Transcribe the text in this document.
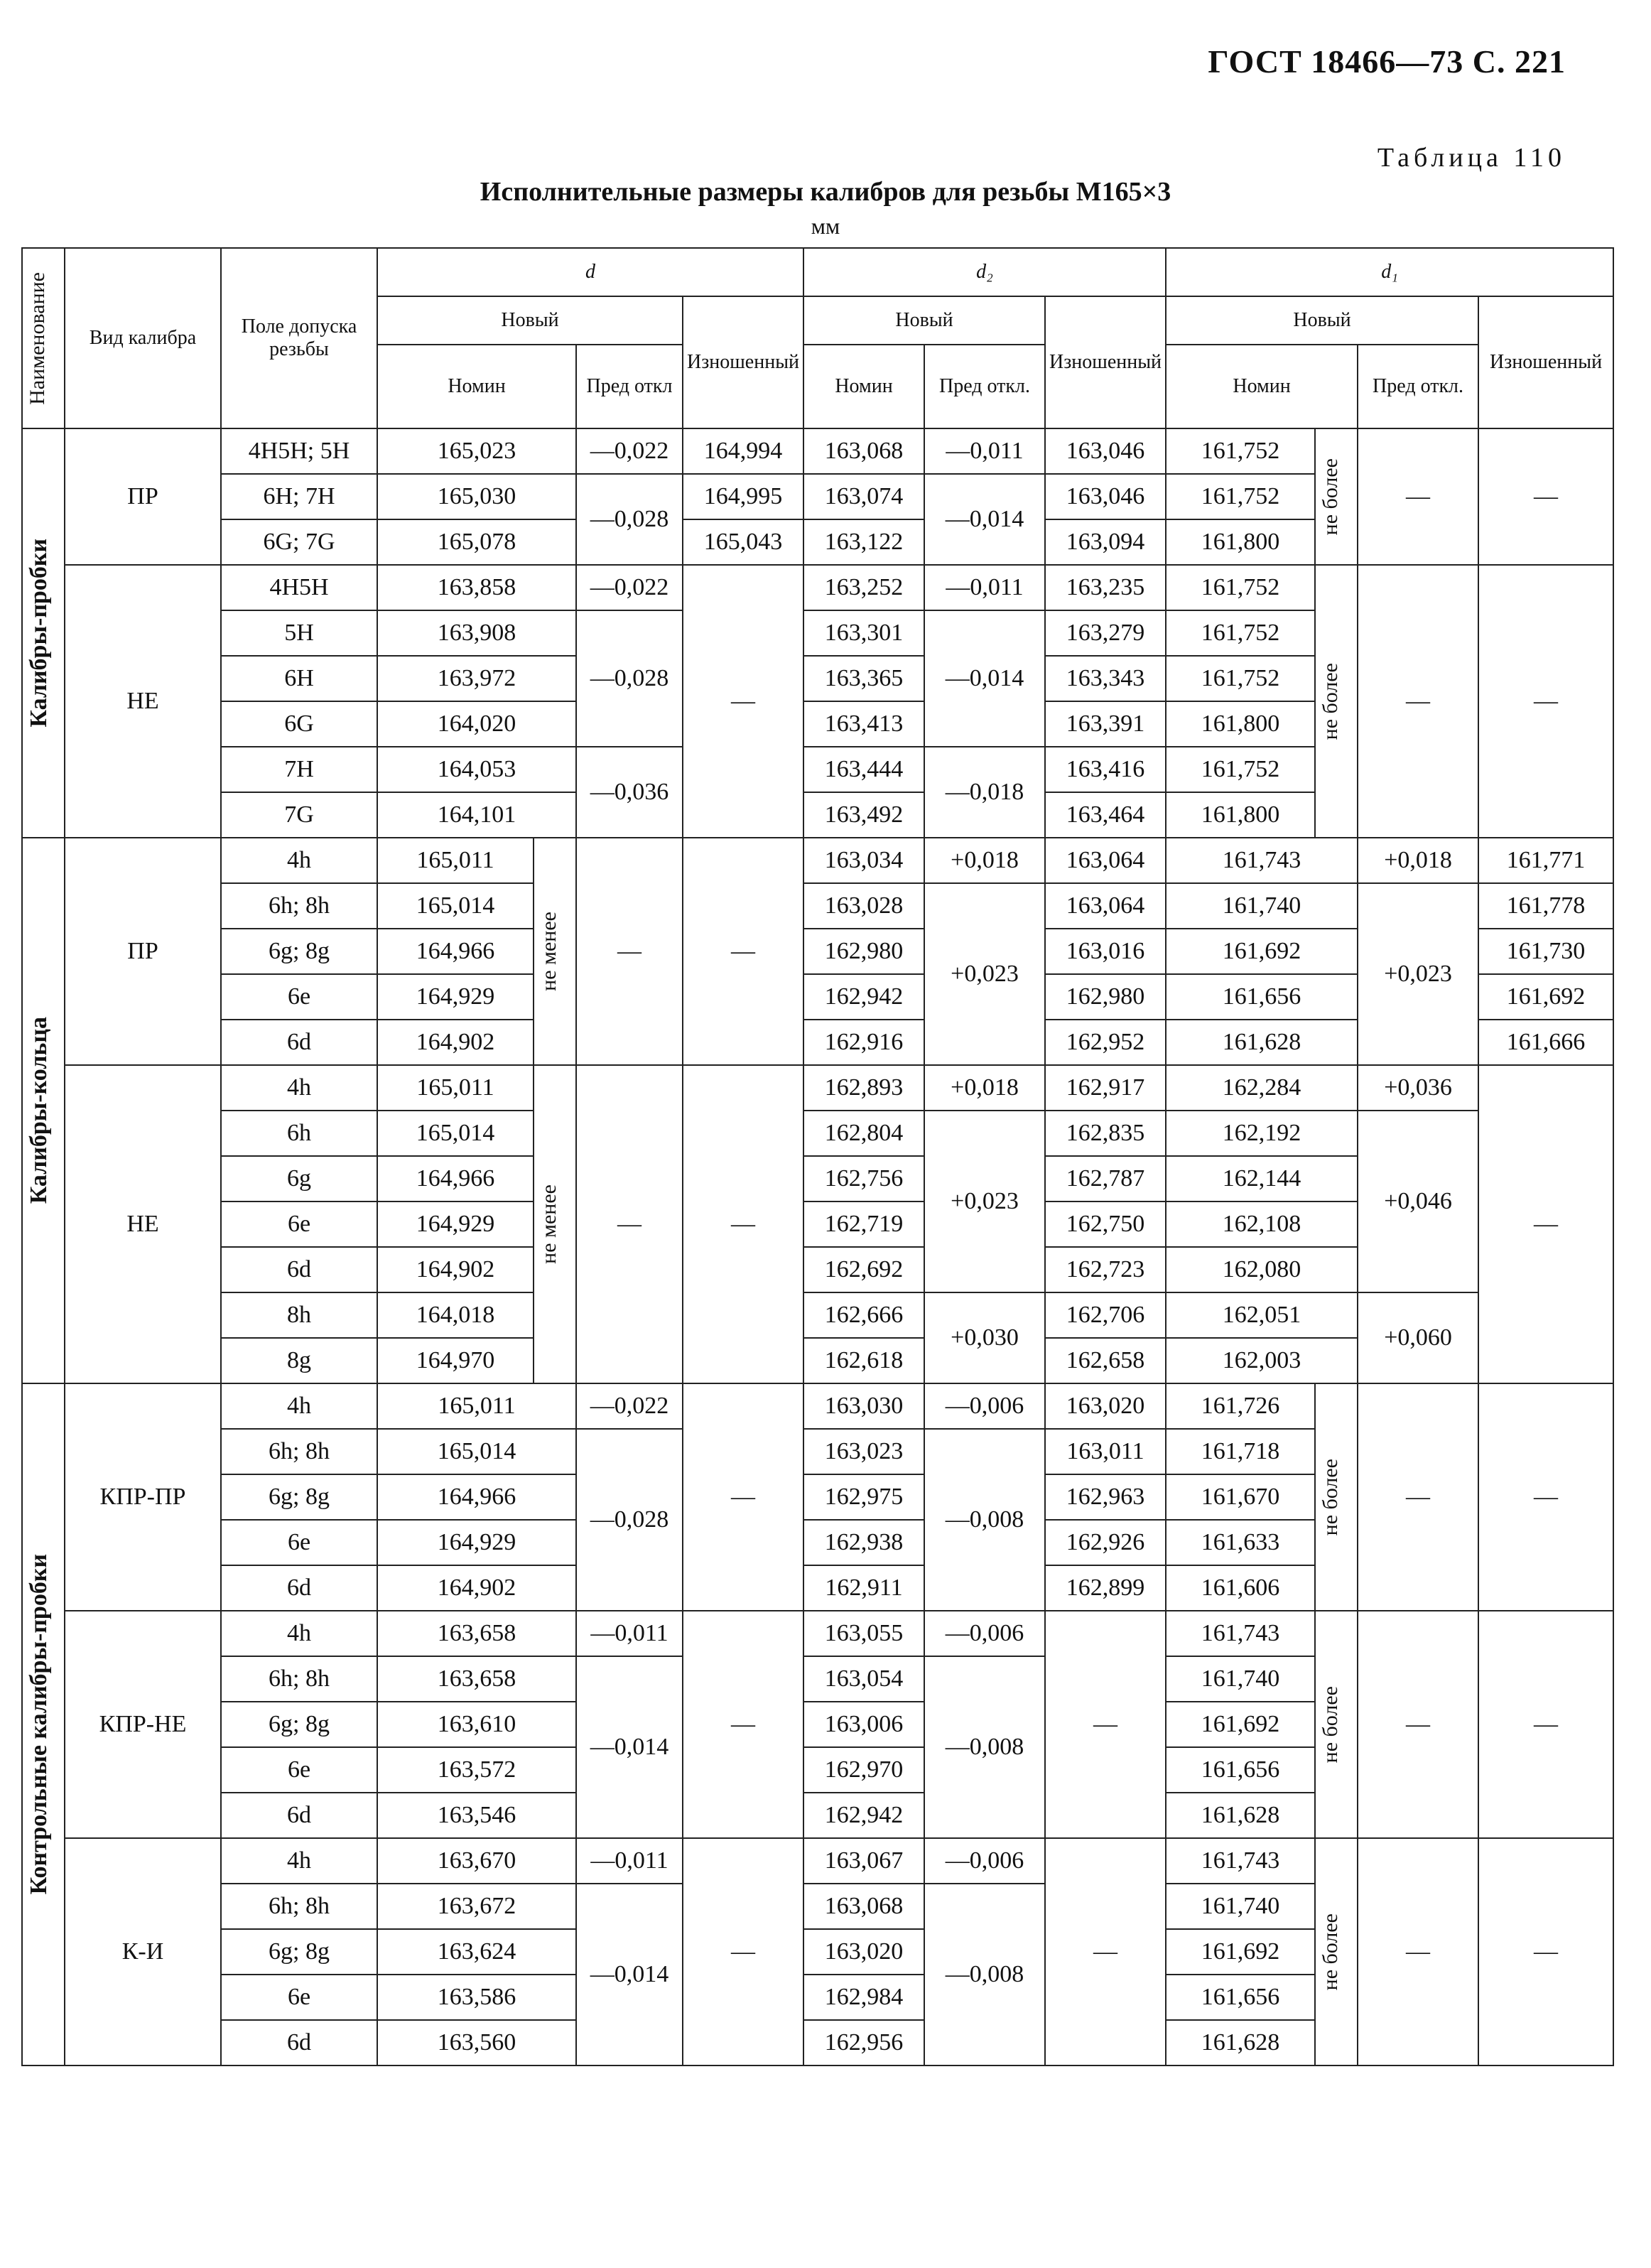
ГОСТ 18466—73 С. 221
Таблица 110
Исполнительные размеры калибров для резьбы М165×3
мм
Наименование	Вид калибра	Поле допуска резьбы	d				d₂			d₁			
			Новый			Изношенный	Новый		Изношенный	Новый			Изношенный
			Номин		Пред откл		Номин	Пред откл.		Номин		Пред откл.	

Калибры-пробки	ПР	4Н5Н; 5Н	165,023		—0,022	164,994	163,068	—0,011	163,046	161,752	не более	—	—
		6Н; 7Н	165,030		—0,028	164,995	163,074	—0,014	163,046	161,752			
		6G; 7G	165,078			165,043	163,122		163,094	161,800			
	НЕ	4Н5Н	163,858		—0,022	—	163,252	—0,011	163,235	161,752	не более	—	—
		5Н	163,908		—0,028		163,301	—0,014	163,279	161,752			
		6Н	163,972				163,365		163,343	161,752			
		6G	164,020				163,413		163,391	161,800			
		7Н	164,053		—0,036		163,444	—0,018	163,416	161,752			
		7G	164,101				163,492		163,464	161,800			

Калибры-кольца	ПР	4h	165,011	не менее	—	—	163,034	+0,018	163,064	161,743		+0,018	161,771
		6h; 8h	165,014				163,028	+0,023	163,064	161,740		+0,023	161,778
		6g; 8g	164,966				162,980		163,016	161,692			161,730
		6e	164,929				162,942		162,980	161,656			161,692
		6d	164,902				162,916		162,952	161,628			161,666
	НЕ	4h	165,011	не менее	—	—	162,893	+0,018	162,917	162,284		+0,036	—
		6h	165,014				162,804	+0,023	162,835	162,192		+0,046	
		6g	164,966				162,756		162,787	162,144			
		6e	164,929				162,719		162,750	162,108			
		6d	164,902				162,692		162,723	162,080			
		8h	164,018				162,666	+0,030	162,706	162,051		+0,060	
		8g	164,970				162,618		162,658	162,003			

Контрольные калибры-пробки	КПР-ПР	4h	165,011		—0,022	—	163,030	—0,006	163,020	161,726	не более	—	—
		6h; 8h	165,014		—0,028		163,023	—0,008	163,011	161,718			
		6g; 8g	164,966				162,975		162,963	161,670			
		6e	164,929				162,938		162,926	161,633			
		6d	164,902				162,911		162,899	161,606			
	КПР-НЕ	4h	163,658		—0,011	—	163,055	—0,006	—	161,743	не более	—	—
		6h; 8h	163,658		—0,014		163,054	—0,008		161,740			
		6g; 8g	163,610				163,006			161,692			
		6e	163,572				162,970			161,656			
		6d	163,546				162,942			161,628			
	К-И	4h	163,670		—0,011	—	163,067	—0,006	—	161,743	не более	—	—
		6h; 8h	163,672		—0,014		163,068	—0,008		161,740			
		6g; 8g	163,624				163,020			161,692			
		6e	163,586				162,984			161,656			
		6d	163,560				162,956			161,628			
